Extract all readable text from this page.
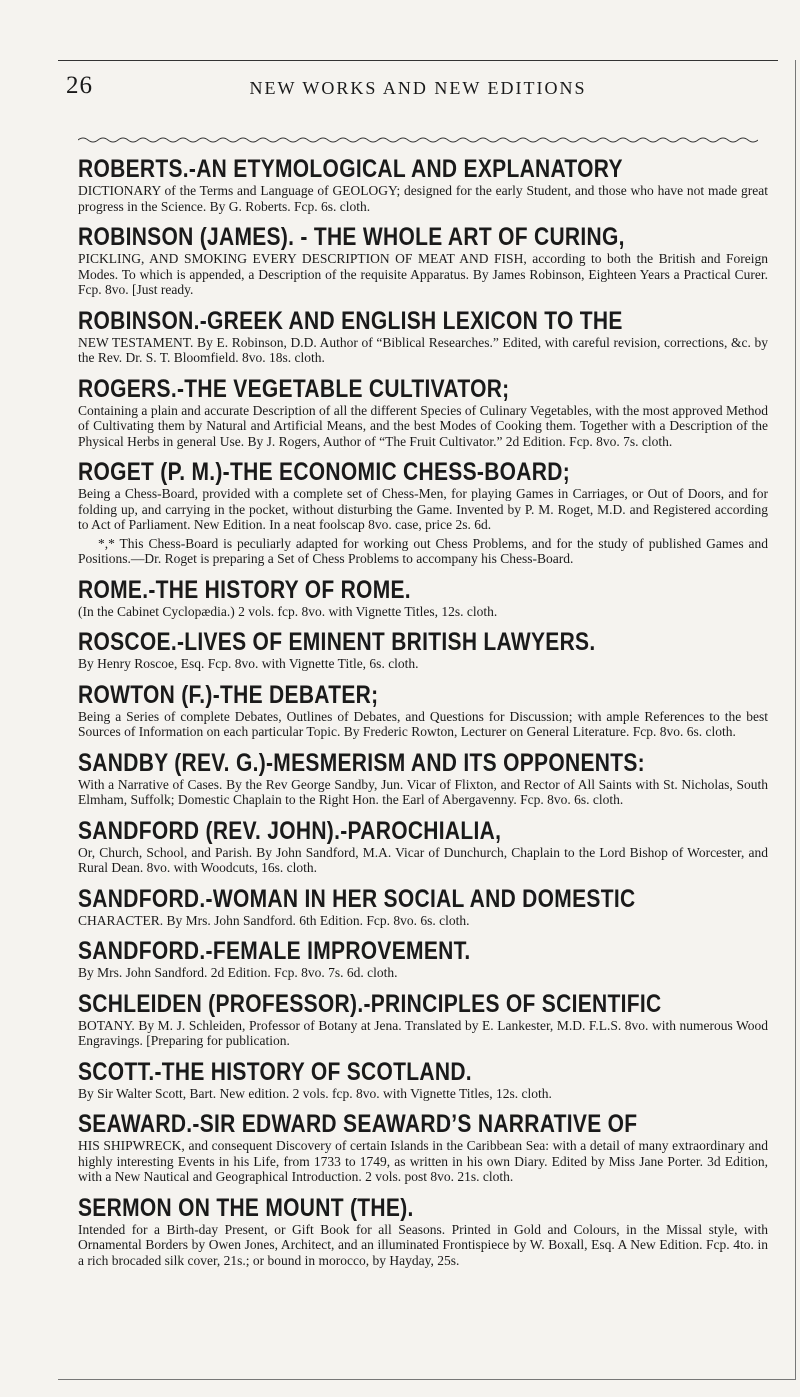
26	NEW WORKS AND NEW EDITIONS
ROBERTS.-AN ETYMOLOGICAL AND EXPLANATORY
DICTIONARY of the Terms and Language of GEOLOGY; designed for the early Student, and those who have not made great progress in the Science. By G. Roberts. Fcp. 6s. cloth.
ROBINSON (JAMES). - THE WHOLE ART OF CURING,
PICKLING, AND SMOKING EVERY DESCRIPTION OF MEAT AND FISH, according to both the British and Foreign Modes. To which is appended, a Description of the requisite Apparatus. By James Robinson, Eighteen Years a Practical Curer. Fcp. 8vo. [Just ready.
ROBINSON.-GREEK AND ENGLISH LEXICON TO THE
NEW TESTAMENT. By E. Robinson, D.D. Author of “Biblical Researches.” Edited, with careful revision, corrections, &c. by the Rev. Dr. S. T. Bloomfield. 8vo. 18s. cloth.
ROGERS.-THE VEGETABLE CULTIVATOR;
Containing a plain and accurate Description of all the different Species of Culinary Vegetables, with the most approved Method of Cultivating them by Natural and Artificial Means, and the best Modes of Cooking them. Together with a Description of the Physical Herbs in general Use. By J. Rogers, Author of “The Fruit Cultivator.” 2d Edition. Fcp. 8vo. 7s. cloth.
ROGET (P. M.)-THE ECONOMIC CHESS-BOARD;
Being a Chess-Board, provided with a complete set of Chess-Men, for playing Games in Carriages, or Out of Doors, and for folding up, and carrying in the pocket, without disturbing the Game. Invented by P. M. Roget, M.D. and Registered according to Act of Parliament. New Edition. In a neat foolscap 8vo. case, price 2s. 6d.
*,* This Chess-Board is peculiarly adapted for working out Chess Problems, and for the study of published Games and Positions.—Dr. Roget is preparing a Set of Chess Problems to accompany his Chess-Board.
ROME.-THE HISTORY OF ROME.
(In the Cabinet Cyclopædia.) 2 vols. fcp. 8vo. with Vignette Titles, 12s. cloth.
ROSCOE.-LIVES OF EMINENT BRITISH LAWYERS.
By Henry Roscoe, Esq. Fcp. 8vo. with Vignette Title, 6s. cloth.
ROWTON (F.)-THE DEBATER;
Being a Series of complete Debates, Outlines of Debates, and Questions for Discussion; with ample References to the best Sources of Information on each particular Topic. By Frederic Rowton, Lecturer on General Literature. Fcp. 8vo. 6s. cloth.
SANDBY (REV. G.)-MESMERISM AND ITS OPPONENTS:
With a Narrative of Cases. By the Rev George Sandby, Jun. Vicar of Flixton, and Rector of All Saints with St. Nicholas, South Elmham, Suffolk; Domestic Chaplain to the Right Hon. the Earl of Abergavenny. Fcp. 8vo. 6s. cloth.
SANDFORD (REV. JOHN).-PAROCHIALIA,
Or, Church, School, and Parish. By John Sandford, M.A. Vicar of Dunchurch, Chaplain to the Lord Bishop of Worcester, and Rural Dean. 8vo. with Woodcuts, 16s. cloth.
SANDFORD.-WOMAN IN HER SOCIAL AND DOMESTIC
CHARACTER. By Mrs. John Sandford. 6th Edition. Fcp. 8vo. 6s. cloth.
SANDFORD.-FEMALE IMPROVEMENT.
By Mrs. John Sandford. 2d Edition. Fcp. 8vo. 7s. 6d. cloth.
SCHLEIDEN (PROFESSOR).-PRINCIPLES OF SCIENTIFIC
BOTANY. By M. J. Schleiden, Professor of Botany at Jena. Translated by E. Lankester, M.D. F.L.S. 8vo. with numerous Wood Engravings. [Preparing for publication.
SCOTT.-THE HISTORY OF SCOTLAND.
By Sir Walter Scott, Bart. New edition. 2 vols. fcp. 8vo. with Vignette Titles, 12s. cloth.
SEAWARD.-SIR EDWARD SEAWARD’S NARRATIVE OF
HIS SHIPWRECK, and consequent Discovery of certain Islands in the Caribbean Sea: with a detail of many extraordinary and highly interesting Events in his Life, from 1733 to 1749, as written in his own Diary. Edited by Miss Jane Porter. 3d Edition, with a New Nautical and Geographical Introduction. 2 vols. post 8vo. 21s. cloth.
SERMON ON THE MOUNT (THE).
Intended for a Birth-day Present, or Gift Book for all Seasons. Printed in Gold and Colours, in the Missal style, with Ornamental Borders by Owen Jones, Architect, and an illuminated Frontispiece by W. Boxall, Esq. A New Edition. Fcp. 4to. in a rich brocaded silk cover, 21s.; or bound in morocco, by Hayday, 25s.
